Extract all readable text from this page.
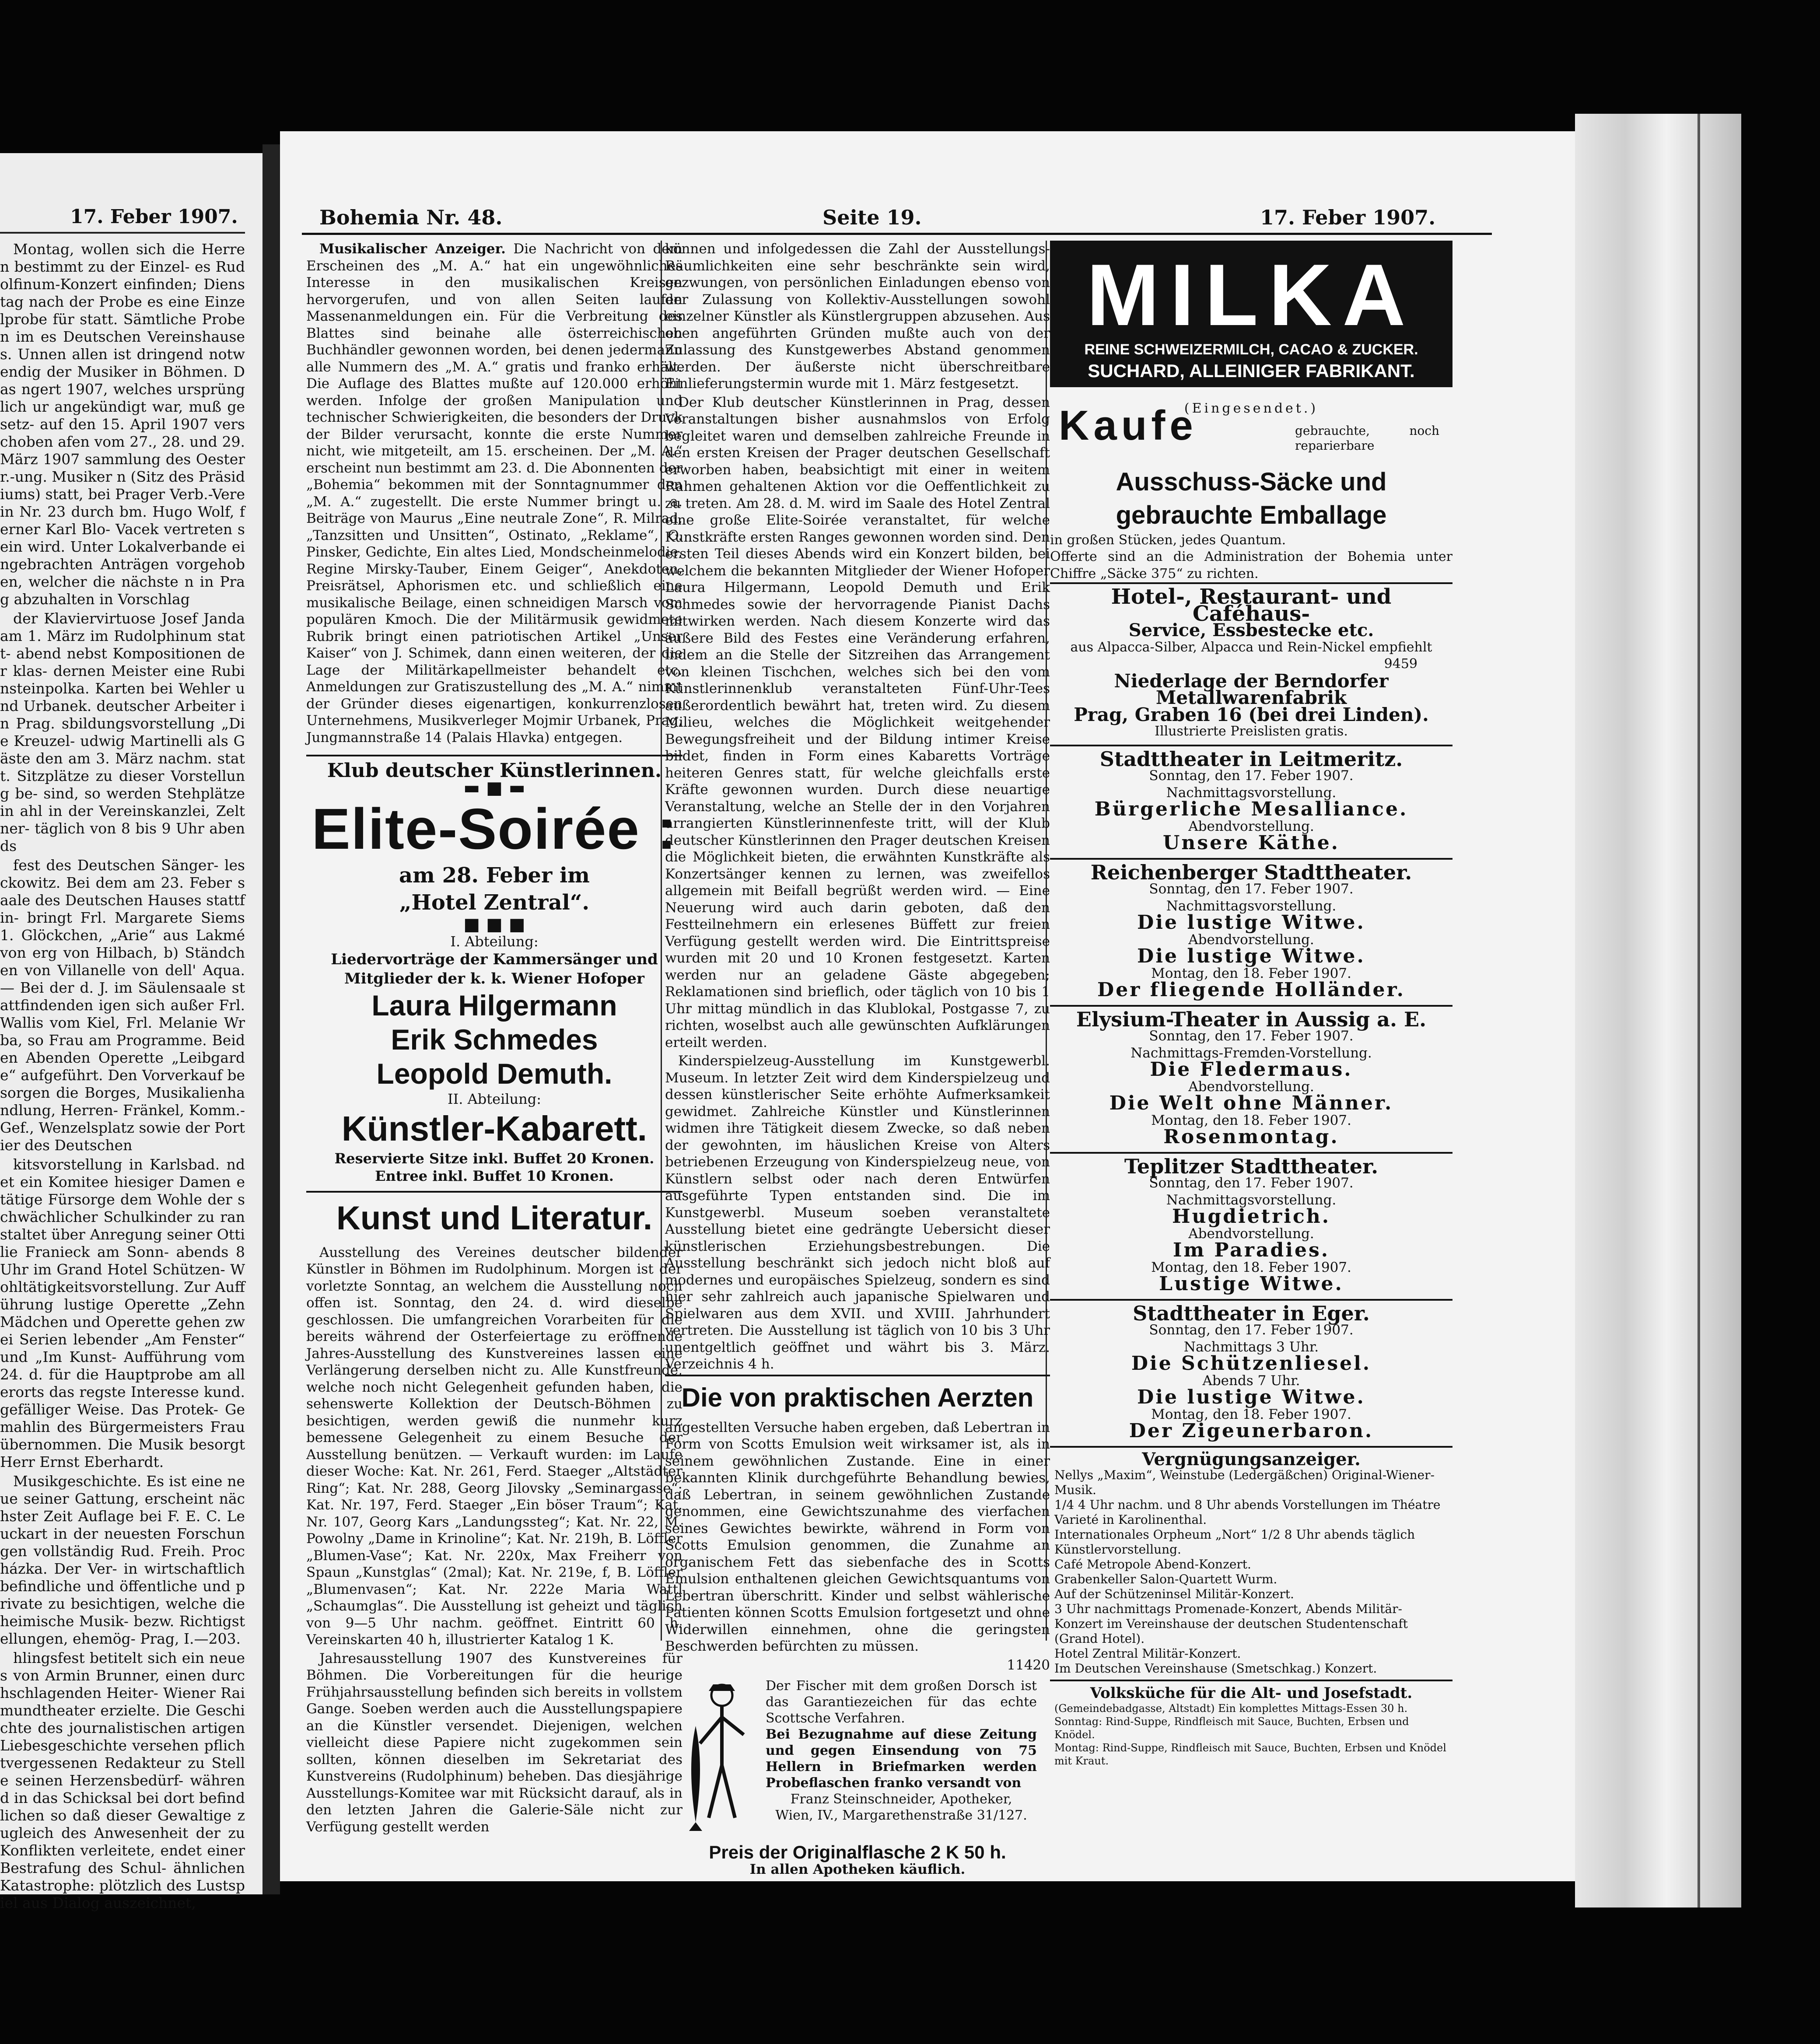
17. Feber 1907.

Montag, wollen sich die Herren bestimmt zu der Einzel- es Rudolfinum-Konzert einfinden; Dienstag nach der Probe es eine Einzelprobe für statt. Sämtliche Proben im es Deutschen Vereinshauses. Unnen allen ist dringend notwendig der Musiker in Böhmen. Das ngert 1907, welches ursprünglich ur angekündigt war, muß gesetz- auf den 15. April 1907 verschoben afen vom 27., 28. und 29. März 1907 sammlung des Oesterr.-ung. Musiker n (Sitz des Präsidiums) statt, bei Prager Verb.-Verein Nr. 23 durch bm. Hugo Wolf, ferner Karl Blo- Vacek vertreten sein wird. Unter Lokalverbande eingebrachten Anträgen vorgehoben, welcher die nächste n in Prag abzuhalten in Vorschlag

der Klaviervirtuose Josef Janda am 1. März im Rudolphinum statt- abend nebst Kompositionen der klas- dernen Meister eine Rubinsteinpolka. Karten bei Wehler und Urbanek. deutscher Arbeiter in Prag. sbildungsvorstellung „Die Kreuzel- udwig Martinelli als Gäste den am 3. März nachm. statt. Sitzplätze zu dieser Vorstellung be- sind, so werden Stehplätze in ahl in der Vereinskanzlei, Zeltner- täglich von 8 bis 9 Uhr abends

fest des Deutschen Sänger- lesckowitz. Bei dem am 23. Feber saale des Deutschen Hauses stattfin- bringt Frl. Margarete Siems 1. Glöckchen, „Arie“ aus Lakmé von erg von Hilbach, b) Ständchen von Villanelle von dell' Aqua. — Bei der d. J. im Säulensaale stattfindenden igen sich außer Frl. Wallis vom Kiel, Frl. Melanie Wrba, so Frau am Programme. Beiden Abenden Operette „Leibgarde“ aufgeführt. Den Vorverkauf besorgen die Borges, Musikalienhandlung, Herren- Fränkel, Komm.-Gef., Wenzelsplatz sowie der Portier des Deutschen

kitsvorstellung in Karlsbad. ndet ein Komitee hiesiger Damen e tätige Fürsorge dem Wohle der schwächlicher Schulkinder zu ranstaltet über Anregung seiner Ottilie Franieck am Sonn- abends 8 Uhr im Grand Hotel Schützen- Wohltätigkeitsvorstellung. Zur Aufführung lustige Operette „Zehn Mädchen und Operette gehen zwei Serien lebender „Am Fenster“ und „Im Kunst- Aufführung vom 24. d. für die Hauptprobe am allerorts das regste Interesse kund. gefälliger Weise. Das Protek- Gemahlin des Bürgermeisters Frau übernommen. Die Musik besorgt Herr Ernst Eberhardt.

Musikgeschichte. Es ist eine neue seiner Gattung, erscheint nächster Zeit Auflage bei F. E. C. Leuckart in der neuesten Forschungen vollständig Rud. Freih. Procházka. Der Ver- in wirtschaftlich befindliche und öffentliche und private zu besichtigen, welche die heimische Musik- bezw. Richtigstellungen, ehemög- Prag, I.—203.

hlingsfest betitelt sich ein neues von Armin Brunner, einen durchschlagenden Heiter- Wiener Raimundtheater erzielte. Die Geschichte des journalistischen artigen Liebesgeschichte versehen pflichtvergessenen Redakteur zu Stelle seinen Herzensbedürf- während in das Schicksal bei dort befindlichen so daß dieser Gewaltige zugleich des Anwesenheit der zu Konflikten verleitete, endet einer Bestrafung des Schul- ähnlichen Katastrophe: plötzlich des Lustspiel aus Dialog auszeichnet,

Bohemia Nr. 48.	Seite 19.	17. Feber 1907.

Musikalischer Anzeiger. Die Nachricht von dem Erscheinen des „M. A.“ hat ein ungewöhnliches Interesse in den musikalischen Kreisen hervorgerufen, und von allen Seiten laufen Massenanmeldungen ein. Für die Verbreitung des Blattes sind beinahe alle österreichischen Buchhändler gewonnen worden, bei denen jedermann alle Nummern des „M. A.“ gratis und franko erhält. Die Auflage des Blattes mußte auf 120.000 erhöht werden. Infolge der großen Manipulation und technischer Schwierigkeiten, die besonders der Druck der Bilder verursacht, konnte die erste Nummer nicht, wie mitgeteilt, am 15. erscheinen. Der „M. A.“ erscheint nun bestimmt am 23. d. Die Abonnenten der „Bohemia“ bekommen mit der Sonntagnummer den „M. A.“ zugestellt. Die erste Nummer bringt u. a. Beiträge von Maurus „Eine neutrale Zone“, R. Milrad, „Tanzsitten und Unsitten“, Ostinato, „Reklame“, O. Pinsker, Gedichte, Ein altes Lied, Mondscheinmelodie, Regine Mirsky-Tauber, Einem Geiger“, Anekdoten, Preisrätsel, Aphorismen etc. und schließlich eine musikalische Beilage, einen schneidigen Marsch vom populären Kmoch. Die der Militärmusik gewidmete Rubrik bringt einen patriotischen Artikel „Unser Kaiser“ von J. Schimek, dann einen weiteren, der die Lage der Militärkapellmeister behandelt etc. Anmeldungen zur Gratiszustellung des „M. A.“ nimmt der Gründer dieses eigenartigen, konkurrenzlosen Unternehmens, Musikverleger Mojmir Urbanek, Prag, Jungmannstraße 14 (Palais Hlavka) entgegen.

Klub deutscher Künstlerinnen.
▬ ■ ▬
Elite-Soirée :
am 28. Feber im „Hotel Zentral“.
■ ■ ■
I. Abteilung:
Liedervorträge der Kammersänger und Mitglieder der k. k. Wiener Hofoper
Laura Hilgermann
Erik Schmedes
Leopold Demuth.
II. Abteilung:
Künstler-Kabarett.
Reservierte Sitze inkl. Buffet 20 Kronen. Entree inkl. Buffet 10 Kronen.
Kunst und Literatur.

Ausstellung des Vereines deutscher bildender Künstler in Böhmen im Rudolphinum. Morgen ist der vorletzte Sonntag, an welchem die Ausstellung noch offen ist. Sonntag, den 24. d. wird dieselbe geschlossen. Die umfangreichen Vorarbeiten für die bereits während der Osterfeiertage zu eröffnende Jahres-Ausstellung des Kunstvereines lassen eine Verlängerung derselben nicht zu. Alle Kunstfreunde, welche noch nicht Gelegenheit gefunden haben, die sehenswerte Kollektion der Deutsch-Böhmen zu besichtigen, werden gewiß die nunmehr kurz bemessene Gelegenheit zu einem Besuche der Ausstellung benützen. — Verkauft wurden: im Laufe dieser Woche: Kat. Nr. 261, Ferd. Staeger „Altstädter Ring“; Kat. Nr. 288, Georg Jilovsky „Seminargasse“; Kat. Nr. 197, Ferd. Staeger „Ein böser Traum“; Kat. Nr. 107, Georg Kars „Landungssteg“; Kat. Nr. 22, M. Powolny „Dame in Krinoline“; Kat. Nr. 219h, B. Löffler „Blumen-Vase“; Kat. Nr. 220x, Max Freiherr von Spaun „Kunstglas“ (2mal); Kat. Nr. 219e, f, B. Löffler „Blumenvasen“; Kat. Nr. 222e Maria Wattl „Schaumglas“. Die Ausstellung ist geheizt und täglich von 9—5 Uhr nachm. geöffnet. Eintritt 60 h. Vereinskarten 40 h, illustrierter Katalog 1 K.

Jahresausstellung 1907 des Kunstvereines für Böhmen. Die Vorbereitungen für die heurige Frühjahrsausstellung befinden sich bereits in vollstem Gange. Soeben werden auch die Ausstellungspapiere an die Künstler versendet. Diejenigen, welchen vielleicht diese Papiere nicht zugekommen sein sollten, können dieselben im Sekretariat des Kunstvereins (Rudolphinum) beheben. Das diesjährige Ausstellungs-Komitee war mit Rücksicht darauf, als in den letzten Jahren die Galerie-Säle nicht zur Verfügung gestellt werden

können und infolgedessen die Zahl der Ausstellungs-Räumlichkeiten eine sehr beschränkte sein wird, gezwungen, von persönlichen Einladungen ebenso von der Zulassung von Kollektiv-Ausstellungen sowohl einzelner Künstler als Künstlergruppen abzusehen. Aus oben angeführten Gründen mußte auch von der Zulassung des Kunstgewerbes Abstand genommen werden. Der äußerste nicht überschreitbare Einlieferungstermin wurde mit 1. März festgesetzt.

Der Klub deutscher Künstlerinnen in Prag, dessen Veranstaltungen bisher ausnahmslos von Erfolg begleitet waren und demselben zahlreiche Freunde in den ersten Kreisen der Prager deutschen Gesellschaft erworben haben, beabsichtigt mit einer in weitem Rahmen gehaltenen Aktion vor die Oeffentlichkeit zu zu treten. Am 28. d. M. wird im Saale des Hotel Zentral eine große Elite-Soirée veranstaltet, für welche Kunstkräfte ersten Ranges gewonnen worden sind. Den ersten Teil dieses Abends wird ein Konzert bilden, bei welchem die bekannten Mitglieder der Wiener Hofoper Laura Hilgermann, Leopold Demuth und Erik Schmedes sowie der hervorragende Pianist Dachs mitwirken werden. Nach diesem Konzerte wird das äußere Bild des Festes eine Veränderung erfahren, indem an die Stelle der Sitzreihen das Arrangement von kleinen Tischchen, welches sich bei den vom Künstlerinnenklub veranstalteten Fünf-Uhr-Tees außerordentlich bewährt hat, treten wird. Zu diesem Milieu, welches die Möglichkeit weitgehender Bewegungsfreiheit und der Bildung intimer Kreise bildet, finden in Form eines Kabaretts Vorträge heiteren Genres statt, für welche gleichfalls erste Kräfte gewonnen wurden. Durch diese neuartige Veranstaltung, welche an Stelle der in den Vorjahren arrangierten Künstlerinnenfeste tritt, will der Klub deutscher Künstlerinnen den Prager deutschen Kreisen die Möglichkeit bieten, die erwähnten Kunstkräfte als Konzertsänger kennen zu lernen, was zweifellos allgemein mit Beifall begrüßt werden wird. — Eine Neuerung wird auch darin geboten, daß den Festteilnehmern ein erlesenes Büffett zur freien Verfügung gestellt werden wird. Die Eintrittspreise wurden mit 20 und 10 Kronen festgesetzt. Karten werden nur an geladene Gäste abgegeben; Reklamationen sind brieflich, oder täglich von 10 bis 1 Uhr mittag mündlich in das Klublokal, Postgasse 7, zu richten, woselbst auch alle gewünschten Aufklärungen erteilt werden.

Kinderspielzeug-Ausstellung im Kunstgewerbl. Museum. In letzter Zeit wird dem Kinderspielzeug und dessen künstlerischer Seite erhöhte Aufmerksamkeit gewidmet. Zahlreiche Künstler und Künstlerinnen widmen ihre Tätigkeit diesem Zwecke, so daß neben der gewohnten, im häuslichen Kreise von Alters betriebenen Erzeugung von Kinderspielzeug neue, von Künstlern selbst oder nach deren Entwürfen ausgeführte Typen entstanden sind. Die im Kunstgewerbl. Museum soeben veranstaltete Ausstellung bietet eine gedrängte Uebersicht dieser künstlerischen Erziehungsbestrebungen. Die Ausstellung beschränkt sich jedoch nicht bloß auf modernes und europäisches Spielzeug, sondern es sind hier sehr zahlreich auch japanische Spielwaren und Spielwaren aus dem XVII. und XVIII. Jahrhundert vertreten. Die Ausstellung ist täglich von 10 bis 3 Uhr unentgeltlich geöffnet und währt bis 3. März. Verzeichnis 4 h.

Die von praktischen Aerzten

angestellten Versuche haben ergeben, daß Lebertran in Form von Scotts Emulsion weit wirksamer ist, als in seinem gewöhnlichen Zustande. Eine in einer bekannten Klinik durchgeführte Behandlung bewies, daß Lebertran, in seinem gewöhnlichen Zustande genommen, eine Gewichtszunahme des vierfachen seines Gewichtes bewirkte, während in Form von Scotts Emulsion genommen, die Zunahme an organischem Fett das siebenfache des in Scotts Emulsion enthaltenen gleichen Gewichtsquantums von Lebertran überschritt. Kinder und selbst wählerische Patienten können Scotts Emulsion fortgesetzt und ohne Widerwillen einnehmen, ohne die geringsten Beschwerden befürchten zu müssen.

11420
Der Fischer mit dem großen Dorsch ist das Garantiezeichen für das echte Scottsche Verfahren.
Bei Bezugnahme auf diese Zeitung und gegen Einsendung von 75 Hellern in Briefmarken werden Probeflaschen franko versandt von
Franz Steinschneider, Apotheker,
Wien, IV., Margarethenstraße 31/127.
Preis der Originalflasche 2 K 50 h.
In allen Apotheken käuflich.
MILKA
REINE SCHWEIZERMILCH, CACAO & ZUCKER.
SUCHARD, ALLEINIGER FABRIKANT.
(Eingesendet.)
Kaufe	gebrauchte, noch reparierbare
Ausschuss-Säcke und gebrauchte Emballage
in großen Stücken, jedes Quantum.
Offerte sind an die Administration der Bohemia unter Chiffre „Säcke 375“ zu richten.
Hotel-, Restaurant- und Caféhaus-
Service, Essbestecke etc.
aus Alpacca-Silber, Alpacca und Rein-Nickel empfiehlt
9459
Niederlage der Berndorfer Metallwarenfabrik
Prag, Graben 16 (bei drei Linden).
Illustrierte Preislisten gratis.
Stadttheater in Leitmeritz.
Sonntag, den 17. Feber 1907.
Nachmittagsvorstellung.
Bürgerliche Mesalliance.
Abendvorstellung.
Unsere Käthe.
Reichenberger Stadttheater.
Sonntag, den 17. Feber 1907.
Nachmittagsvorstellung.
Die lustige Witwe.
Abendvorstellung.
Die lustige Witwe.
Montag, den 18. Feber 1907.
Der fliegende Holländer.
Elysium-Theater in Aussig a. E.
Sonntag, den 17. Feber 1907.
Nachmittags-Fremden-Vorstellung.
Die Fledermaus.
Abendvorstellung.
Die Welt ohne Männer.
Montag, den 18. Feber 1907.
Rosenmontag.
Teplitzer Stadttheater.
Sonntag, den 17. Feber 1907.
Nachmittagsvorstellung.
Hugdietrich.
Abendvorstellung.
Im Paradies.
Montag, den 18. Feber 1907.
Lustige Witwe.
Stadttheater in Eger.
Sonntag, den 17. Feber 1907.
Nachmittags 3 Uhr.
Die Schützenliesel.
Abends 7 Uhr.
Die lustige Witwe.
Montag, den 18. Feber 1907.
Der Zigeunerbaron.
Vergnügungsanzeiger.
Nellys „Maxim“, Weinstube (Ledergäßchen) Original-Wiener-Musik.
1/4 4 Uhr nachm. und 8 Uhr abends Vorstellungen im Théatre Varieté in Karolinenthal.
Internationales Orpheum „Nort“ 1/2 8 Uhr abends täglich Künstlervorstellung.
Café Metropole Abend-Konzert.
Grabenkeller Salon-Quartett Wurm.
Auf der Schützeninsel Militär-Konzert.
3 Uhr nachmittags Promenade-Konzert, Abends Militär-Konzert im Vereinshause der deutschen Studentenschaft (Grand Hotel).
Hotel Zentral Militär-Konzert.
Im Deutschen Vereinshause (Smetschkag.) Konzert.
Volksküche für die Alt- und Josefstadt.
(Gemeindebadgasse, Altstadt) Ein komplettes Mittags-Essen 30 h.
Sonntag: Rind-Suppe, Rindfleisch mit Sauce, Buchten, Erbsen und Knödel.
Montag: Rind-Suppe, Rindfleisch mit Sauce, Buchten, Erbsen und Knödel mit Kraut.
